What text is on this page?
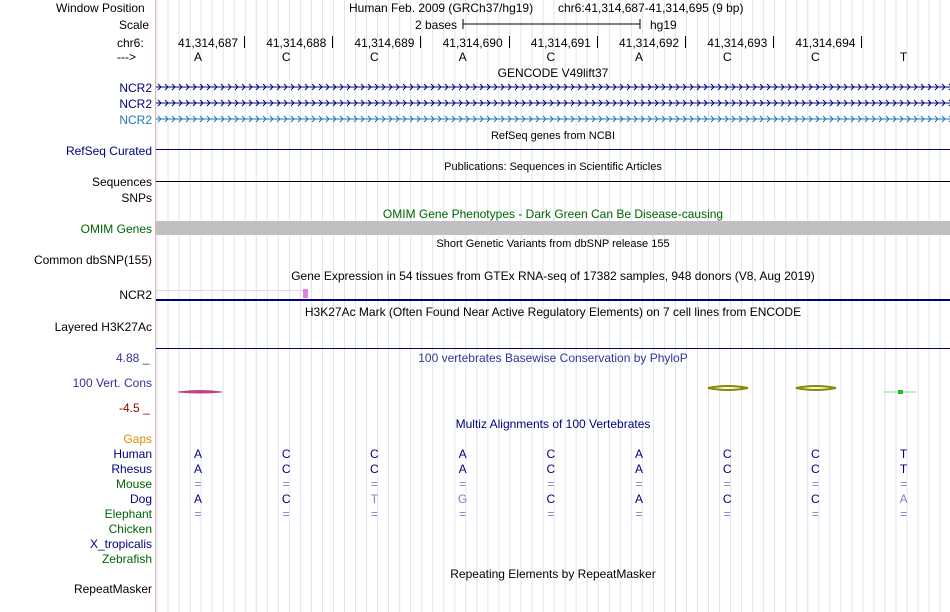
Window Position	Human Feb. 2009 (GRCh37/hg19) chr6:41,314,687-41,314,695 (9 bp)
Scale	2 bases	hg19
chr6:	41,314,687 41,314,688 41,314,689 41,314,690 41,314,691 41,314,692 41,314,693 41,314,694
--->	A	C	C	A	C	A	C	C	T
GENCODE V49lift37
NCR2
NCR2
NCR2
RefSeq Curated
Sequences
SNPs
OMIM Genes
Common dbSNP(155)
NCR2
Layered H3K27Ac
100 Vert. Cons
Gaps
RepeatMasker
RefSeq genes from NCBI
Publications: Sequences in Scientific Articles
OMIM Gene Phenotypes - Dark Green Can Be Disease-causing
Short Genetic Variants from dbSNP release 155
Gene Expression in 54 tissues from GTEx RNA-seq of 17382 samples, 948 donors (V8, Aug 2019)
H3K27Ac Mark (Often Found Near Active Regulatory Elements) on 7 cell lines from ENCODE
100 vertebrates Basewise Conservation by PhyloP
4.88 _
-4.5 _
Multiz Alignments of 100 Vertebrates
Human	A	C	C	A	C	A	C	C	T
Rhesus	A	C	C	A	C	A	C	C	T
Mouse	=	=	=	=	=	=	=	=	=
Dog	A	C	T	G	C	A	C	C	A
Elephant	=	=	=	=	=	=	=	=	=
Chicken
X_tropicalis
Zebrafish
Repeating Elements by RepeatMasker
